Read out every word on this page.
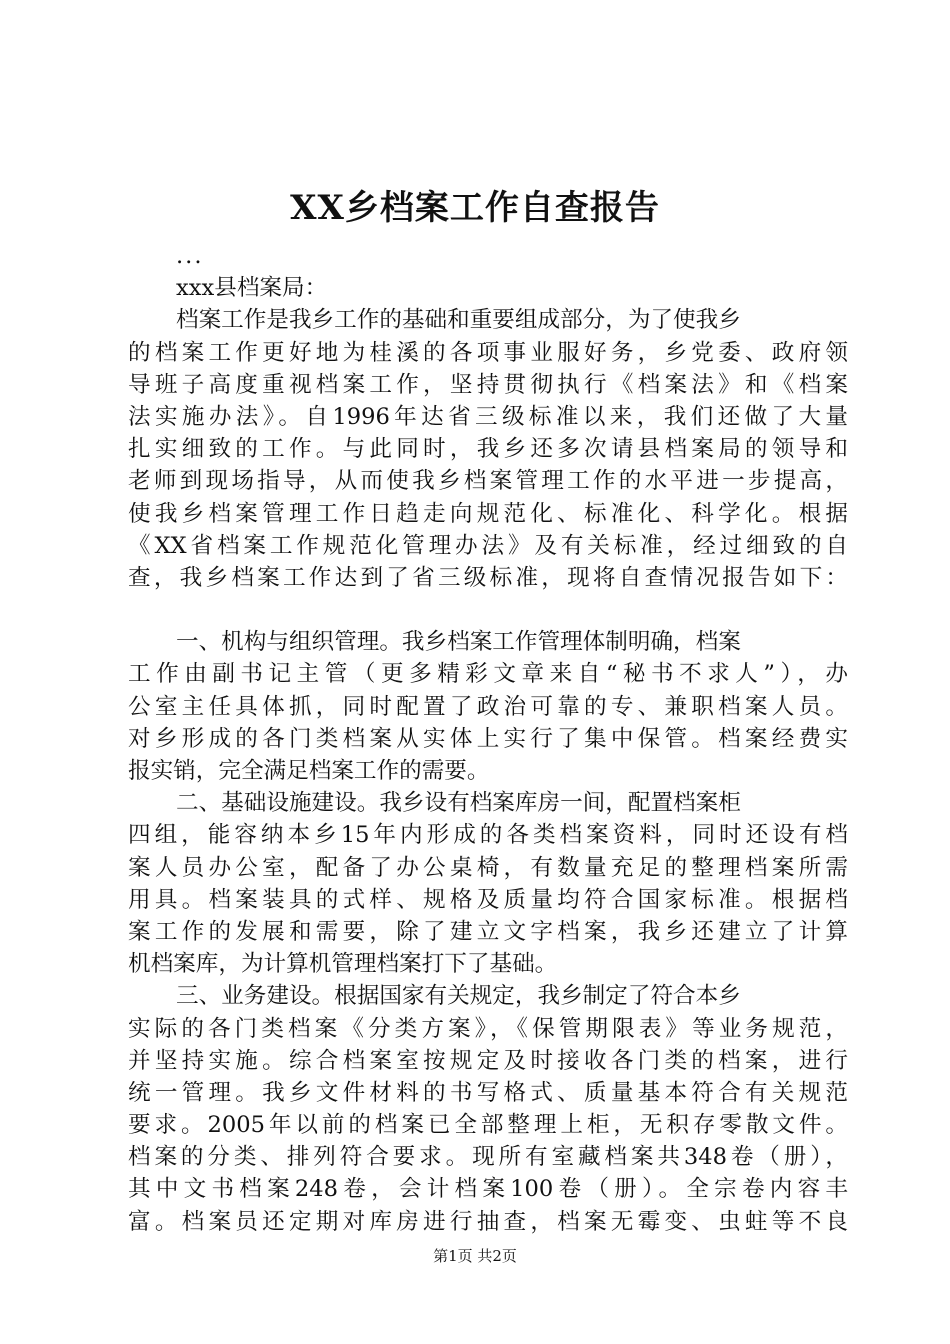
XX乡档案工作自查报告
...
xxx县档案局：
档案工作是我乡工作的基础和重要组成部分，为了使我乡
的档案工作更好地为桂溪的各项事业服好务，乡党委、政府领
导班子高度重视档案工作，坚持贯彻执行《档案法》和《档案
法实施办法》。自1996年达省三级标准以来，我们还做了大量
扎实细致的工作。与此同时，我乡还多次请县档案局的领导和
老师到现场指导，从而使我乡档案管理工作的水平进一步提高，
使我乡档案管理工作日趋走向规范化、标准化、科学化。根据
《XX省档案工作规范化管理办法》及有关标准，经过细致的自
查，我乡档案工作达到了省三级标准，现将自查情况报告如下：
一、机构与组织管理。我乡档案工作管理体制明确，档案
工作由副书记主管（更多精彩文章来自“秘书不求人”），办
公室主任具体抓，同时配置了政治可靠的专、兼职档案人员。
对乡形成的各门类档案从实体上实行了集中保管。档案经费实
报实销，完全满足档案工作的需要。
二、基础设施建设。我乡设有档案库房一间，配置档案柜
四组，能容纳本乡15年内形成的各类档案资料，同时还设有档
案人员办公室，配备了办公桌椅，有数量充足的整理档案所需
用具。档案装具的式样、规格及质量均符合国家标准。根据档
案工作的发展和需要，除了建立文字档案，我乡还建立了计算
机档案库，为计算机管理档案打下了基础。
三、业务建设。根据国家有关规定，我乡制定了符合本乡
实际的各门类档案《分类方案》，《保管期限表》等业务规范，
并坚持实施。综合档案室按规定及时接收各门类的档案，进行
统一管理。我乡文件材料的书写格式、质量基本符合有关规范
要求。2005年以前的档案已全部整理上柜，无积存零散文件。
档案的分类、排列符合要求。现所有室藏档案共348卷（册），
其中文书档案248卷，会计档案100卷（册）。全宗卷内容丰
富。档案员还定期对库房进行抽查，档案无霉变、虫蛀等不良
第1页 共2页
